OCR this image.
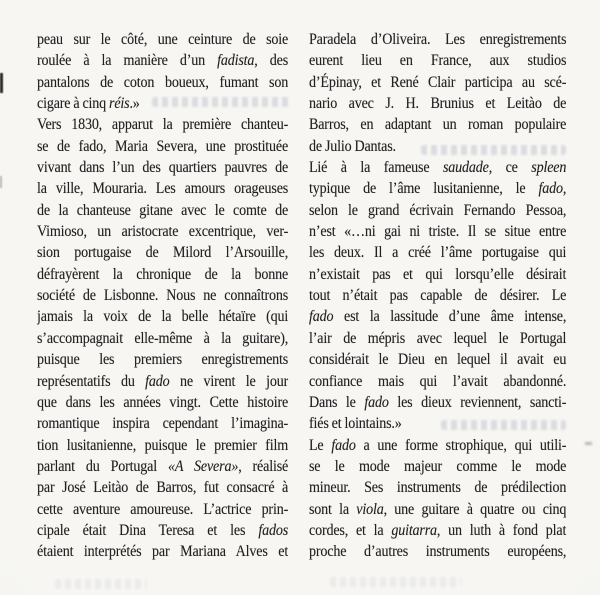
peau sur le côté, une ceinture de soie
roulée à la manière d’un fadista, des
pantalons de coton boueux, fumant son
cigare à cinq réis.»
Vers 1830, apparut la première chanteu-
se de fado, Maria Severa, une prostituée
vivant dans l’un des quartiers pauvres de
la ville, Mouraria. Les amours orageuses
de la chanteuse gitane avec le comte de
Vimioso, un aristocrate excentrique, ver-
sion portugaise de Milord l’Arsouille,
défrayèrent la chronique de la bonne
société de Lisbonne. Nous ne connaîtrons
jamais la voix de la belle hétaïre (qui
s’accompagnait elle-même à la guitare),
puisque les premiers enregistrements
représentatifs du fado ne virent le jour
que dans les années vingt. Cette histoire
romantique inspira cependant l’imagina-
tion lusitanienne, puisque le premier film
parlant du Portugal «A Severa», réalisé
par José Leitào de Barros, fut consacré à
cette aventure amoureuse. L’actrice prin-
cipale était Dina Teresa et les fados
étaient interprétés par Mariana Alves et
Paradela d’Oliveira. Les enregistrements
eurent lieu en France, aux studios
d’Épinay, et René Clair participa au scé-
nario avec J. H. Brunius et Leitào de
Barros, en adaptant un roman populaire
de Julio Dantas.
Lié à la fameuse saudade, ce spleen
typique de l’âme lusitanienne, le fado,
selon le grand écrivain Fernando Pessoa,
n’est «…ni gai ni triste. Il se situe entre
les deux. Il a créé l’âme portugaise qui
n’existait pas et qui lorsqu’elle désirait
tout n’était pas capable de désirer. Le
fado est la lassitude d’une âme intense,
l’air de mépris avec lequel le Portugal
considérait le Dieu en lequel il avait eu
confiance mais qui l’avait abandonné.
Dans le fado les dieux reviennent, sancti-
fiés et lointains.»
Le fado a une forme strophique, qui utili-
se le mode majeur comme le mode
mineur. Ses instruments de prédilection
sont la viola, une guitare à quatre ou cinq
cordes, et la guitarra, un luth à fond plat
proche d’autres instruments européens,
